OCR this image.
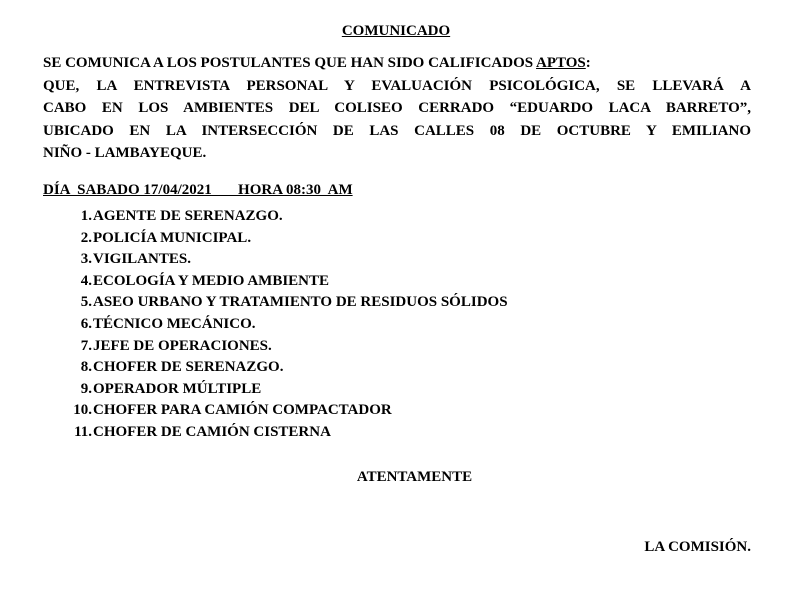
COMUNICADO
SE COMUNICA A LOS POSTULANTES QUE HAN SIDO CALIFICADOS APTOS:
QUE, LA ENTREVISTA PERSONAL Y EVALUACIÓN PSICOLÓGICA, SE LLEVARÁ A
CABO EN LOS AMBIENTES DEL COLISEO CERRADO “EDUARDO LACA BARRETO”,
UBICADO EN LA INTERSECCIÓN DE LAS CALLES 08 DE OCTUBRE Y EMILIANO
NIÑO - LAMBAYEQUE.
DÍA  SABADO 17/04/2021       HORA 08:30  AM
1.AGENTE DE SERENAZGO.
2.POLICÍA MUNICIPAL.
3.VIGILANTES.
4.ECOLOGÍA Y MEDIO AMBIENTE
5.ASEO URBANO Y TRATAMIENTO DE RESIDUOS SÓLIDOS
6.TÉCNICO MECÁNICO.
7.JEFE DE OPERACIONES.
8.CHOFER DE SERENAZGO.
9.OPERADOR MÚLTIPLE
10.CHOFER PARA CAMIÓN COMPACTADOR
11.CHOFER DE CAMIÓN CISTERNA
ATENTAMENTE
LA COMISIÓN.
